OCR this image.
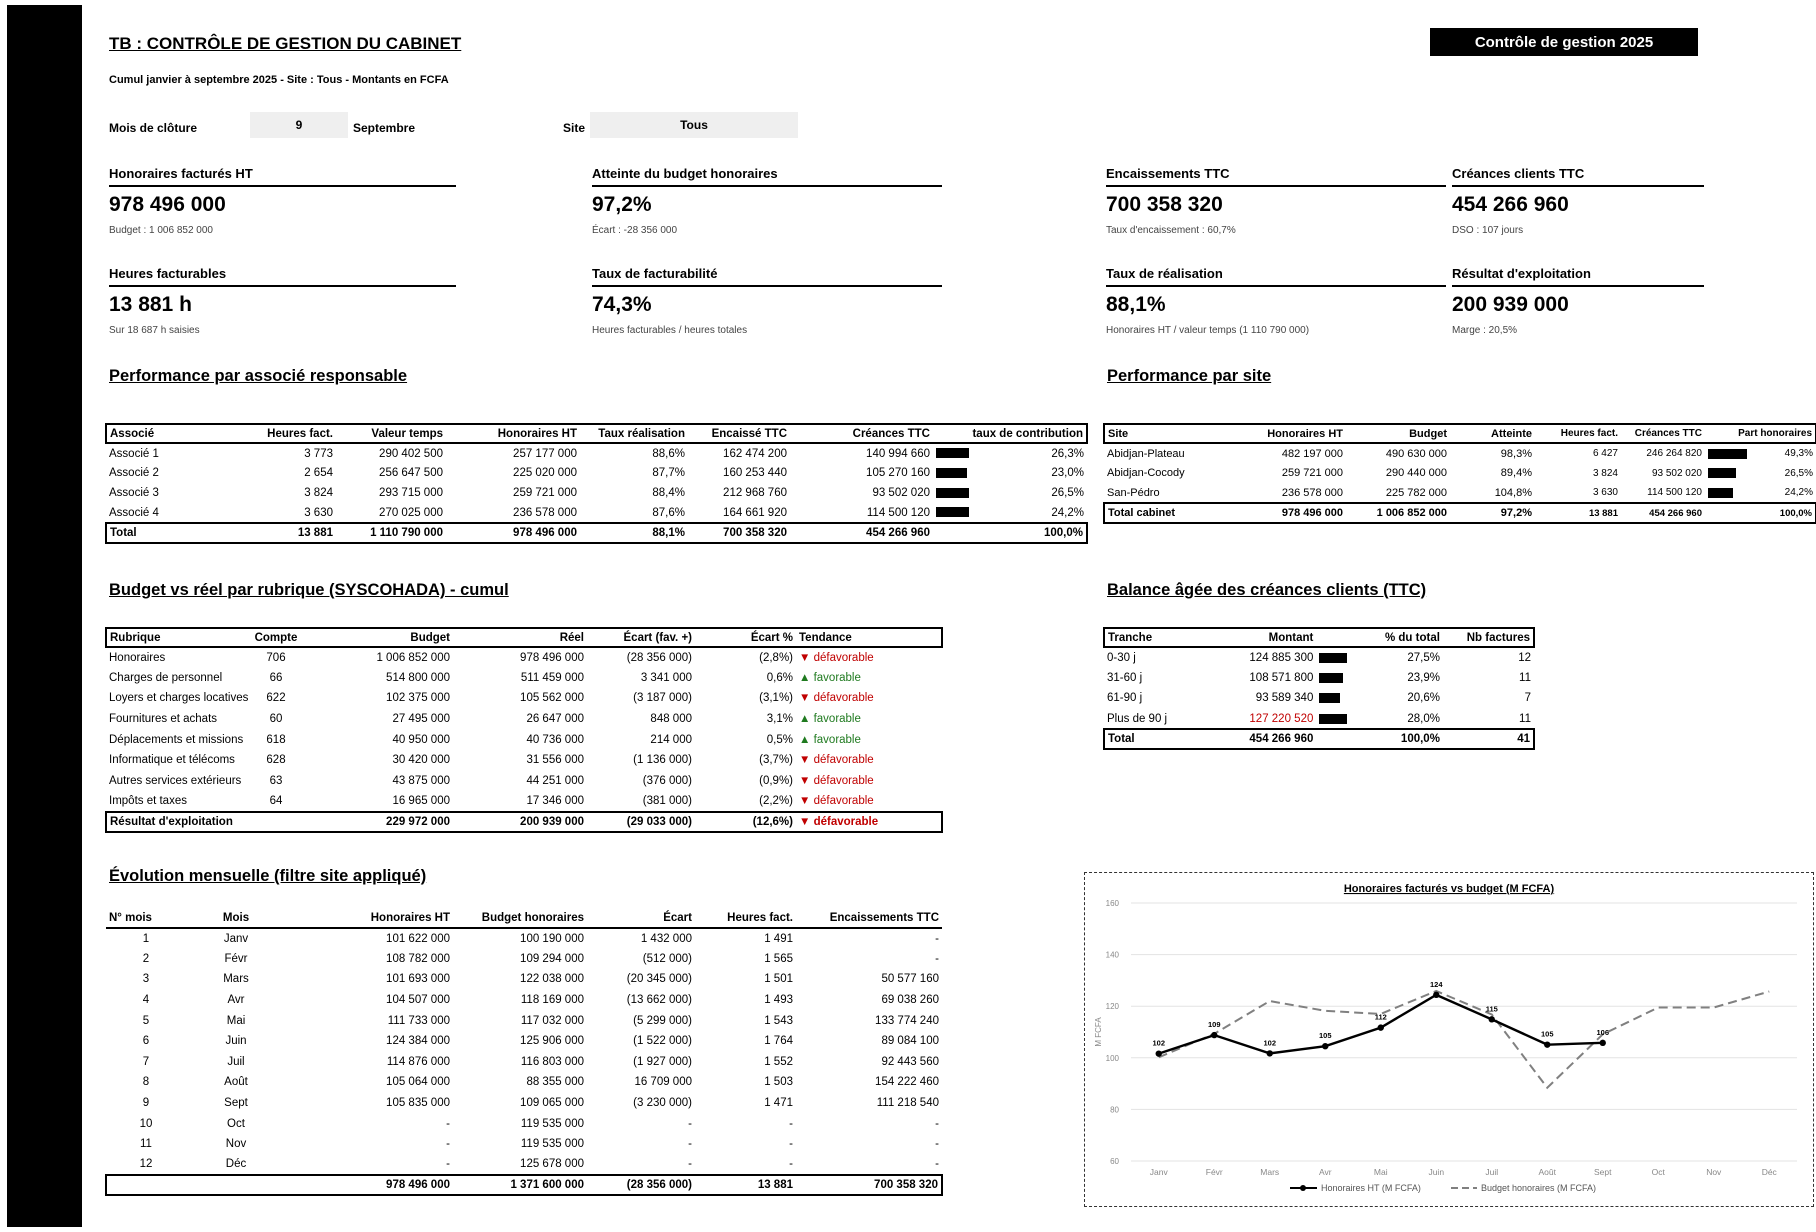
TB : CONTRÔLE DE GESTION DU CABINET
Cumul janvier à septembre 2025 - Site : Tous - Montants en FCFA
Contrôle de gestion 2025
Mois de clôture	9	Septembre	Site	Tous
Honoraires facturés HT
978 496 000
Budget : 1 006 852 000
Atteinte du budget honoraires
97,2%
Écart : -28 356 000
Encaissements TTC
700 358 320
Taux d'encaissement : 60,7%
Créances clients TTC
454 266 960
DSO : 107 jours
Heures facturables
13 881 h
Sur 18 687 h saisies
Taux de facturabilité
74,3%
Heures facturables / heures totales
Taux de réalisation
88,1%
Honoraires HT / valeur temps (1 110 790 000)
Résultat d'exploitation
200 939 000
Marge : 20,5%
Performance par associé responsable	Performance par site
Budget vs réel par rubrique (SYSCOHADA) - cumul	Balance âgée des créances clients (TTC)
Évolution mensuelle (filtre site appliqué)
Associé	Heures fact.	Valeur temps	Honoraires HT	Taux réalisation	Encaissé TTC	Créances TTC	taux de contribution	
Associé 1	3 773	290 402 500	257 177 000	88,6%	162 474 200	140 994 660		26,3%
Associé 2	2 654	256 647 500	225 020 000	87,7%	160 253 440	105 270 160		23,0%
Associé 3	3 824	293 715 000	259 721 000	88,4%	212 968 760	93 502 020		26,5%
Associé 4	3 630	270 025 000	236 578 000	87,6%	164 661 920	114 500 120		24,2%
Total	13 881	1 110 790 000	978 496 000	88,1%	700 358 320	454 266 960		100,0%
Site	Honoraires HT	Budget	Atteinte	Heures fact.	Créances TTC	Part honoraires	
Abidjan-Plateau	482 197 000	490 630 000	98,3%	6 427	246 264 820		49,3%
Abidjan-Cocody	259 721 000	290 440 000	89,4%	3 824	93 502 020		26,5%
San-Pédro	236 578 000	225 782 000	104,8%	3 630	114 500 120		24,2%
Total cabinet	978 496 000	1 006 852 000	97,2%	13 881	454 266 960		100,0%
Rubrique	Compte	Budget	Réel	Écart (fav. +)	Écart %	Tendance
Honoraires	706	1 006 852 000	978 496 000	(28 356 000)	(2,8%)	▼ défavorable
Charges de personnel	66	514 800 000	511 459 000	3 341 000	0,6%	▲ favorable
Loyers et charges locatives	622	102 375 000	105 562 000	(3 187 000)	(3,1%)	▼ défavorable
Fournitures et achats	60	27 495 000	26 647 000	848 000	3,1%	▲ favorable
Déplacements et missions	618	40 950 000	40 736 000	214 000	0,5%	▲ favorable
Informatique et télécoms	628	30 420 000	31 556 000	(1 136 000)	(3,7%)	▼ défavorable
Autres services extérieurs	63	43 875 000	44 251 000	(376 000)	(0,9%)	▼ défavorable
Impôts et taxes	64	16 965 000	17 346 000	(381 000)	(2,2%)	▼ défavorable
Résultat d'exploitation		229 972 000	200 939 000	(29 033 000)	(12,6%)	▼ défavorable
Tranche	Montant		% du total	Nb factures
0-30 j	124 885 300		27,5%	12
31-60 j	108 571 800		23,9%	11
61-90 j	93 589 340		20,6%	7
Plus de 90 j	127 220 520		28,0%	11
Total	454 266 960		100,0%	41
N° mois	Mois	Honoraires HT	Budget honoraires	Écart	Heures fact.	Encaissements TTC
1	Janv	101 622 000	100 190 000	1 432 000	1 491	-
2	Févr	108 782 000	109 294 000	(512 000)	1 565	-
3	Mars	101 693 000	122 038 000	(20 345 000)	1 501	50 577 160
4	Avr	104 507 000	118 169 000	(13 662 000)	1 493	69 038 260
5	Mai	111 733 000	117 032 000	(5 299 000)	1 543	133 774 240
6	Juin	124 384 000	125 906 000	(1 522 000)	1 764	89 084 100
7	Juil	114 876 000	116 803 000	(1 927 000)	1 552	92 443 560
8	Août	105 064 000	88 355 000	16 709 000	1 503	154 222 460
9	Sept	105 835 000	109 065 000	(3 230 000)	1 471	111 218 540
10	Oct	-	119 535 000	-	-	-
11	Nov	-	119 535 000	-	-	-
12	Déc	-	125 678 000	-	-	-
		978 496 000	1 371 600 000	(28 356 000)	13 881	700 358 320
Honoraires facturés vs budget (M FCFA)
60
80
100
120
140
160
M FCFA
Janv	Févr	Mars	Avr	Mai	Juin	Juil	Août	Sept	Oct	Nov	Déc
102
109
102
105
112
124
115
105	106
Honoraires HT (M FCFA)	Budget honoraires (M FCFA)
